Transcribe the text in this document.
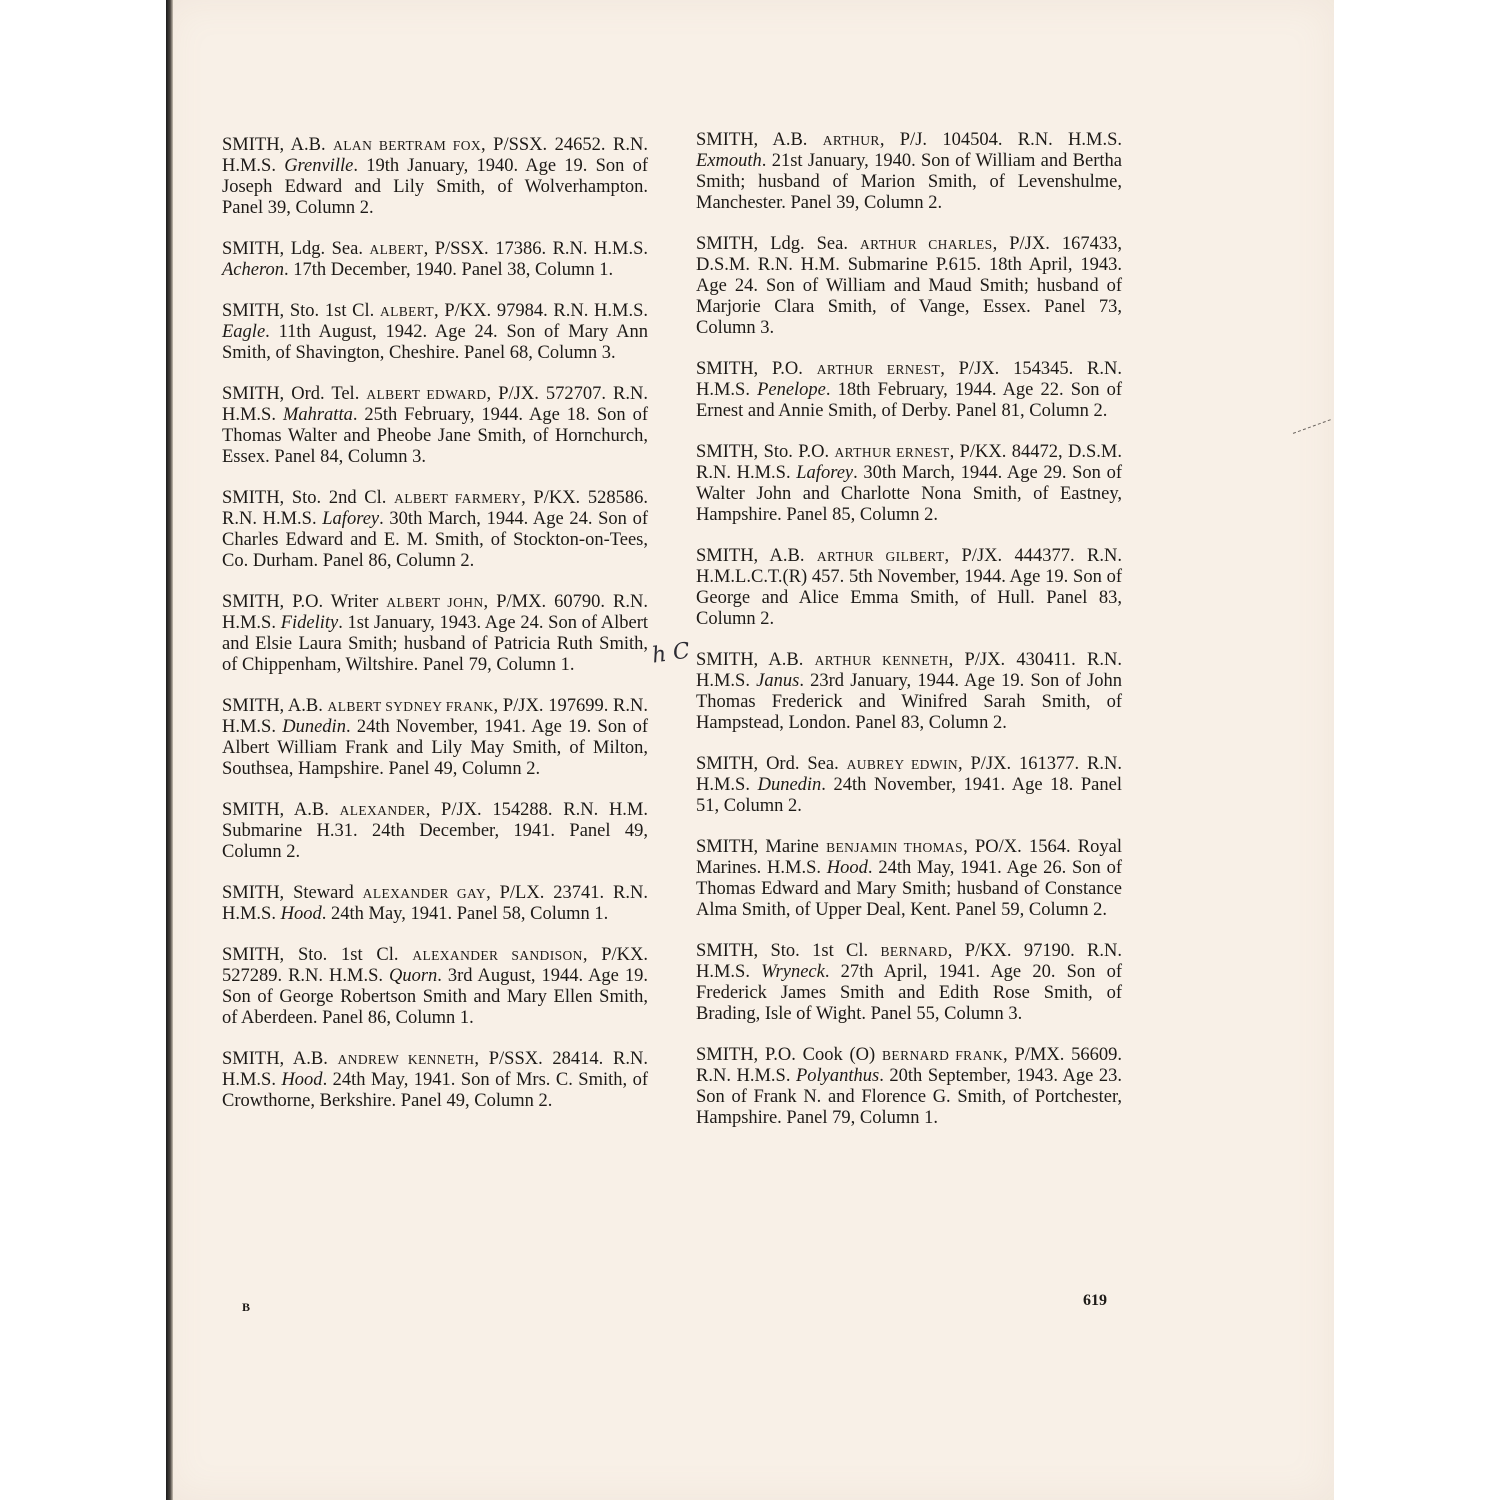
SMITH, A.B. ALAN BERTRAM FOX, P/SSX. 24652. R.N. H.M.S. Grenville. 19th January, 1940. Age 19. Son of Joseph Edward and Lily Smith, of Wolverhampton. Panel 39, Column 2.

SMITH, Ldg. Sea. ALBERT, P/SSX. 17386. R.N. H.M.S. Acheron. 17th December, 1940. Panel 38, Column 1.

SMITH, Sto. 1st Cl. ALBERT, P/KX. 97984. R.N. H.M.S. Eagle. 11th August, 1942. Age 24. Son of Mary Ann Smith, of Shavington, Cheshire. Panel 68, Column 3.

SMITH, Ord. Tel. ALBERT EDWARD, P/JX. 572707. R.N. H.M.S. Mahratta. 25th February, 1944. Age 18. Son of Thomas Walter and Pheobe Jane Smith, of Hornchurch, Essex. Panel 84, Column 3.

SMITH, Sto. 2nd Cl. ALBERT FARMERY, P/KX. 528586. R.N. H.M.S. Laforey. 30th March, 1944. Age 24. Son of Charles Edward and E. M. Smith, of Stockton-on-Tees, Co. Durham. Panel 86, Column 2.

SMITH, P.O. Writer ALBERT JOHN, P/MX. 60790. R.N. H.M.S. Fidelity. 1st January, 1943. Age 24. Son of Albert and Elsie Laura Smith; husband of Patricia Ruth Smith, of Chippenham, Wiltshire. Panel 79, Column 1.

SMITH, A.B. ALBERT SYDNEY FRANK, P/JX. 197699. R.N. H.M.S. Dunedin. 24th November, 1941. Age 19. Son of Albert William Frank and Lily May Smith, of Milton, Southsea, Hampshire. Panel 49, Column 2.

SMITH, A.B. ALEXANDER, P/JX. 154288. R.N. H.M. Submarine H.31. 24th December, 1941. Panel 49, Column 2.

SMITH, Steward ALEXANDER GAY, P/LX. 23741. R.N. H.M.S. Hood. 24th May, 1941. Panel 58, Column 1.

SMITH, Sto. 1st Cl. ALEXANDER SANDISON, P/KX. 527289. R.N. H.M.S. Quorn. 3rd August, 1944. Age 19. Son of George Robertson Smith and Mary Ellen Smith, of Aberdeen. Panel 86, Column 1.

SMITH, A.B. ANDREW KENNETH, P/SSX. 28414. R.N. H.M.S. Hood. 24th May, 1941. Son of Mrs. C. Smith, of Crowthorne, Berkshire. Panel 49, Column 2.

SMITH, A.B. ARTHUR, P/J. 104504. R.N. H.M.S. Exmouth. 21st January, 1940. Son of William and Bertha Smith; husband of Marion Smith, of Levenshulme, Manchester. Panel 39, Column 2.

SMITH, Ldg. Sea. ARTHUR CHARLES, P/JX. 167433, D.S.M. R.N. H.M. Submarine P.615. 18th April, 1943. Age 24. Son of William and Maud Smith; husband of Marjorie Clara Smith, of Vange, Essex. Panel 73, Column 3.

SMITH, P.O. ARTHUR ERNEST, P/JX. 154345. R.N. H.M.S. Penelope. 18th February, 1944. Age 22. Son of Ernest and Annie Smith, of Derby. Panel 81, Column 2.

SMITH, Sto. P.O. ARTHUR ERNEST, P/KX. 84472, D.S.M. R.N. H.M.S. Laforey. 30th March, 1944. Age 29. Son of Walter John and Charlotte Nona Smith, of Eastney, Hampshire. Panel 85, Column 2.

SMITH, A.B. ARTHUR GILBERT, P/JX. 444377. R.N. H.M.L.C.T.(R) 457. 5th November, 1944. Age 19. Son of George and Alice Emma Smith, of Hull. Panel 83, Column 2.

SMITH, A.B. ARTHUR KENNETH, P/JX. 430411. R.N. H.M.S. Janus. 23rd January, 1944. Age 19. Son of John Thomas Frederick and Winifred Sarah Smith, of Hampstead, London. Panel 83, Column 2.

SMITH, Ord. Sea. AUBREY EDWIN, P/JX. 161377. R.N. H.M.S. Dunedin. 24th November, 1941. Age 18. Panel 51, Column 2.

SMITH, Marine BENJAMIN THOMAS, PO/X. 1564. Royal Marines. H.M.S. Hood. 24th May, 1941. Age 26. Son of Thomas Edward and Mary Smith; husband of Constance Alma Smith, of Upper Deal, Kent. Panel 59, Column 2.

SMITH, Sto. 1st Cl. BERNARD, P/KX. 97190. R.N. H.M.S. Wryneck. 27th April, 1941. Age 20. Son of Frederick James Smith and Edith Rose Smith, of Brading, Isle of Wight. Panel 55, Column 3.

SMITH, P.O. Cook (O) BERNARD FRANK, P/MX. 56609. R.N. H.M.S. Polyanthus. 20th September, 1943. Age 23. Son of Frank N. and Florence G. Smith, of Portchester, Hampshire. Panel 79, Column 1.

h C
B	619
